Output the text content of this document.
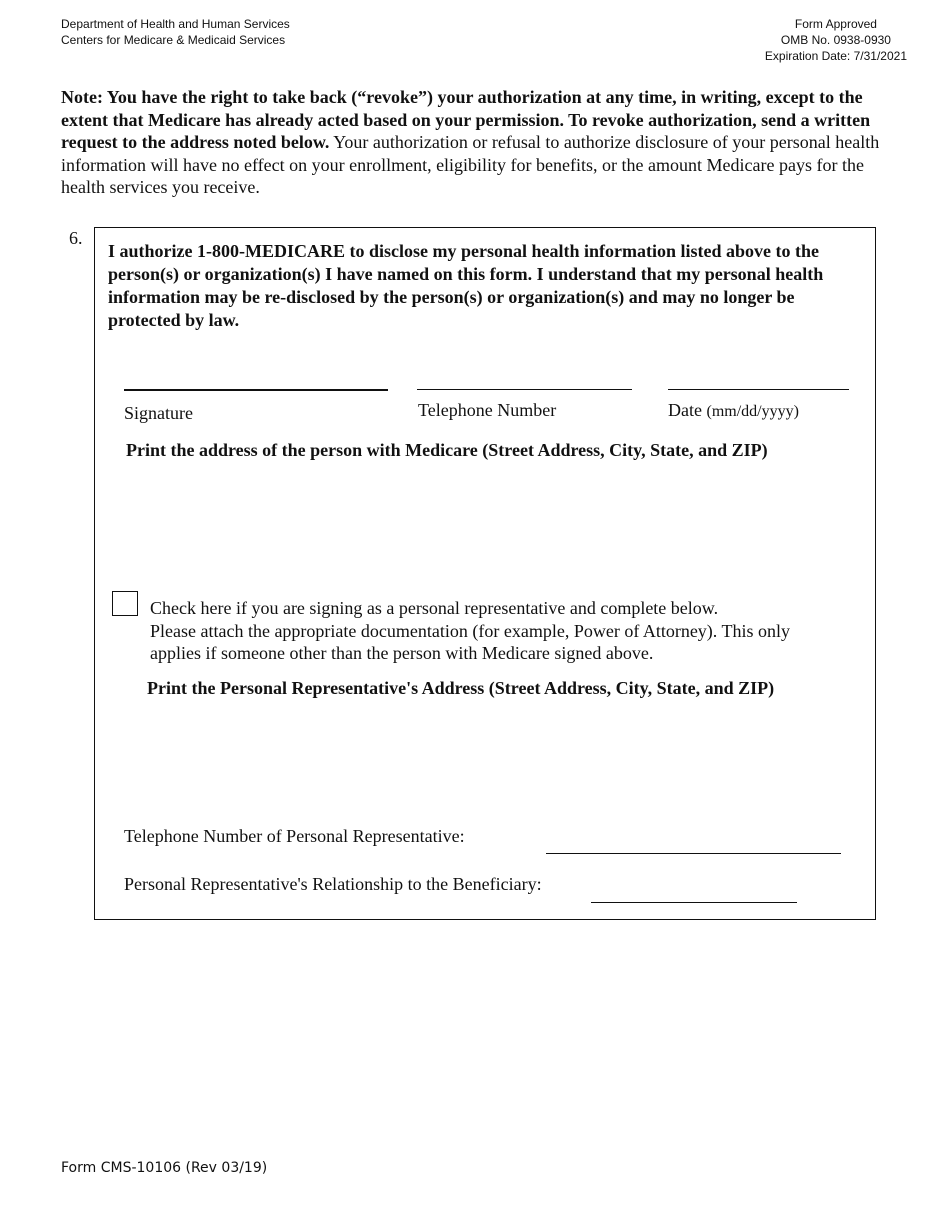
Department of Health and Human Services
Centers for Medicare & Medicaid Services
Form Approved
OMB No. 0938-0930
Expiration Date: 7/31/2021
Note: You have the right to take back (“revoke”) your authorization at any time, in writing, except to the extent that Medicare has already acted based on your permission. To revoke authorization, send a written request to the address noted below. Your authorization or refusal to authorize disclosure of your personal health information will have no effect on your enrollment, eligibility for benefits, or the amount Medicare pays for the health services you receive.
6.
I authorize 1-800-MEDICARE to disclose my personal health information listed above to the person(s) or organization(s) I have named on this form. I understand that my personal health information may be re-disclosed by the person(s) or organization(s) and may no longer be protected by law.
Signature	Telephone Number	Date (mm/dd/yyyy)
Print the address of the person with Medicare (Street Address, City, State, and ZIP)
Check here if you are signing as a personal representative and complete below.
Please attach the appropriate documentation (for example, Power of Attorney). This only
applies if someone other than the person with Medicare signed above.
Print the Personal Representative's Address (Street Address, City, State, and ZIP)
Telephone Number of Personal Representative:
Personal Representative's Relationship to the Beneficiary:
Form CMS-10106 (Rev 03/19)
